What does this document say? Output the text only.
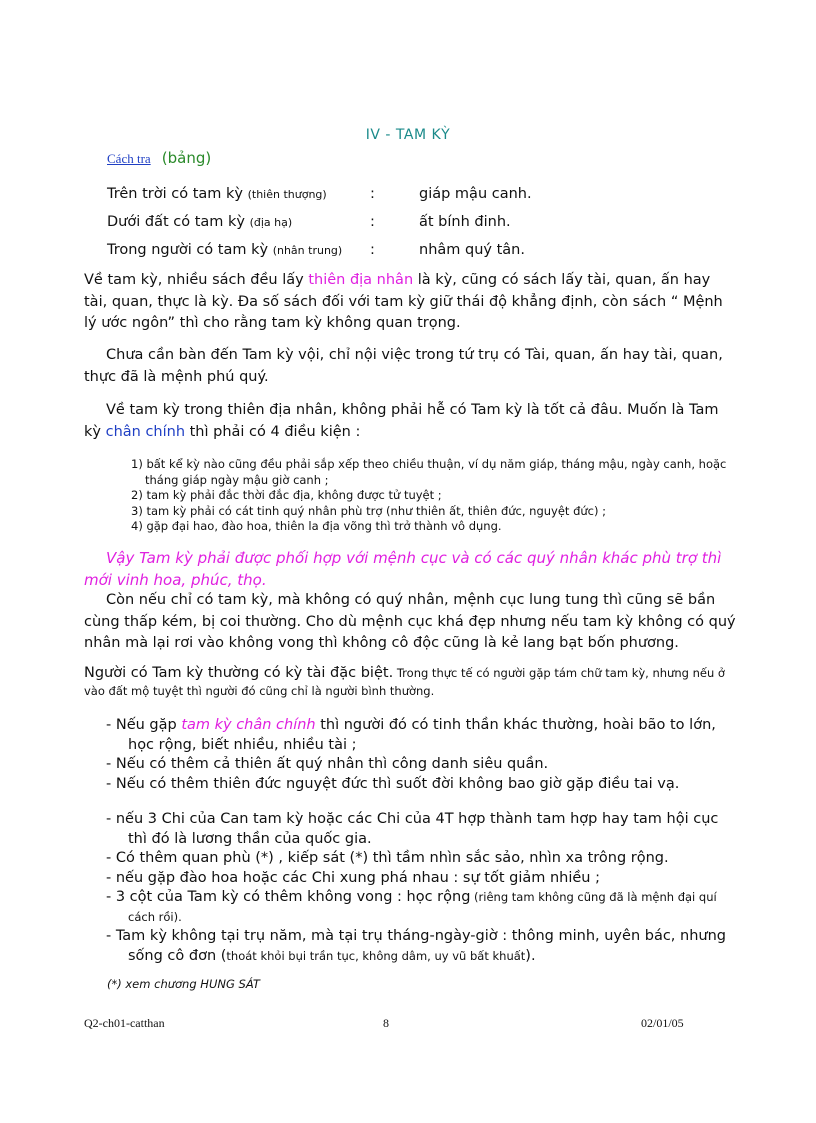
IV - TAM KỲ
Cách tra (bảng)
Trên trời có tam kỳ (thiên thượng)	:	giáp mậu canh.
Dưới đất có tam kỳ (địa hạ)	:	ất bính đinh.
Trong người có tam kỳ (nhân trung) :	nhâm quý tân.

Về tam kỳ, nhiều sách đều lấy thiên địa nhân là kỳ, cũng có sách lấy tài, quan, ấn hay tài, quan, thực là kỳ. Đa số sách đối với tam kỳ giữ thái độ khẳng định, còn sách “ Mệnh lý ước ngôn” thì cho rằng tam kỳ không quan trọng.

Chưa cần bàn đến Tam kỳ vội, chỉ nội việc trong tứ trụ có Tài, quan, ấn hay tài, quan, thực đã là mệnh phú quý.

Về tam kỳ trong thiên địa nhân, không phải hễ có Tam kỳ là tốt cả đâu. Muốn là Tam kỳ chân chính thì phải có 4 điều kiện :

1) bất kể kỳ nào cũng đều phải sắp xếp theo chiều thuận, ví dụ năm giáp, tháng mậu, ngày canh, hoặc tháng giáp ngày mậu giờ canh ;

2) tam kỳ phải đắc thời đắc địa, không được tử tuyệt ;

3) tam kỳ phải có cát tinh quý nhân phù trợ (như thiên ất, thiên đức, nguyệt đức) ;

4) gặp đại hao, đào hoa, thiên la địa võng thì trở thành vô dụng.

Vậy Tam kỳ phải được phối hợp với mệnh cục và có các quý nhân khác phù trợ thì mới vinh hoa, phúc, thọ.

Còn nếu chỉ có tam kỳ, mà không có quý nhân, mệnh cục lung tung thì cũng sẽ bần cùng thấp kém, bị coi thường. Cho dù mệnh cục khá đẹp nhưng nếu tam kỳ không có quý nhân mà lại rơi vào không vong thì không cô độc cũng là kẻ lang bạt bốn phương.

Người có Tam kỳ thường có kỳ tài đặc biệt. Trong thực tế có người gặp tám chữ tam kỳ, nhưng nếu ở vào đất mộ tuyệt thì người đó cũng chỉ là người bình thường.

- Nếu gặp tam kỳ chân chính thì người đó có tinh thần khác thường, hoài bão to lớn, học rộng, biết nhiều, nhiều tài ;

- Nếu có thêm cả thiên ất quý nhân thì công danh siêu quần.

- Nếu có thêm thiên đức nguyệt đức thì suốt đời không bao giờ gặp điều tai vạ.

- nếu 3 Chi của Can tam kỳ hoặc các Chi của 4T hợp thành tam hợp hay tam hội cục thì đó là lương thần của quốc gia.

- Có thêm quan phù (*) , kiếp sát (*) thì tầm nhìn sắc sảo, nhìn xa trông rộng.

- nếu gặp đào hoa hoặc các Chi xung phá nhau : sự tốt giảm nhiều ;

- 3 cột của Tam kỳ có thêm không vong : học rộng (riêng tam không cũng đã là mệnh đại quí cách rồi).

- Tam kỳ không tại trụ năm, mà tại trụ tháng-ngày-giờ : thông minh, uyên bác, nhưng sống cô đơn (thoát khỏi bụi trần tục, không dâm, uy vũ bất khuất).

(*) xem chương HUNG SÁT
Q2-ch01-catthan	8	02/01/05
